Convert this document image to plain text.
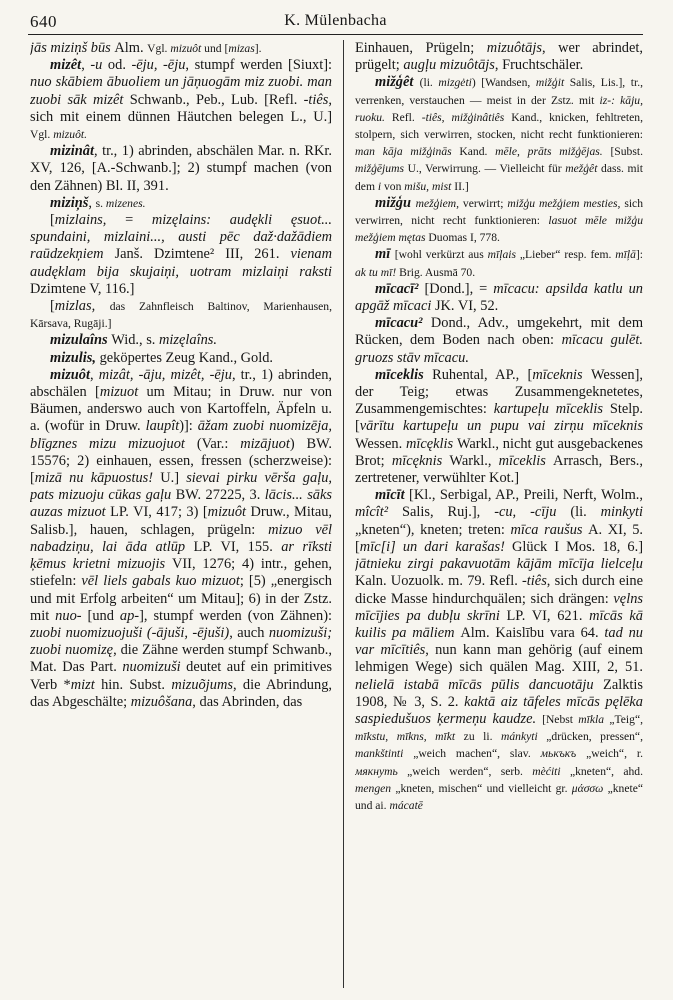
640	K. Mülenbacha

jās miziņš būs Alm. Vgl. mizuôt und [mizas].

mizêt, -u od. -ēju, -ēju, stumpf werden [Siuxt]: nuo skābiem ābuoliem un jāņuogām miz zuobi. man zuobi sāk mizêt Schwanb., Peb., Lub. [Refl. -tiês, sich mit einem dünnen Häutchen belegen L., U.] Vgl. mizuôt.

mizinât, tr., 1) abrinden, abschälen Mar. n. RKr. XV, 126, [A.-Schwanb.]; 2) stumpf machen (von den Zähnen) Bl. II, 391.

miziņš, s. mizenes.

[mizlains, = mizęlains: audękli ęsuot... spundaini, mizlaini..., austi pēc daž·dažādiem raūdzekņiem Janš. Dzimtene² III, 261. vienam audęklam bija skujaiņi, uotram mizlaiņi raksti Dzimtene V, 116.]

[mizlas, das Zahnfleisch Baltinov, Marienhausen, Kārsava, Rugāji.]

mizulaîns Wid., s. mizęlaîns.

mizulis, geköpertes Zeug Kand., Gold.

mizuôt, mizât, -āju, mizêt, -ēju, tr., 1) abrinden, abschälen [mizuot um Mitau; in Druw. nur von Bäumen, anderswo auch von Kartoffeln, Äpfeln u. a. (wofür in Druw. laupît)]: āžam zuobi nuomizēja, blīgznes mizu mizuojuot (Var.: mizājuot) BW. 15576; 2) einhauen, essen, fressen (scherzweise): [mizā nu kāpuostus! U.] sievai pirku vērša gaļu, pats mizuoju cūkas gaļu BW. 27225, 3. lācis... sāks auzas mizuot LP. VI, 417; 3) [mizuôt Druw., Mitau, Salisb.], hauen, schlagen, prügeln: mizuo vēl nabadziņu, lai āda atlūp LP. VI, 155. ar rīksti ķēmus krietni mizuojis VII, 1276; 4) intr., gehen, stiefeln: vēl liels gabals kuo mizuot; [5) „energisch und mit Erfolg arbeiten“ um Mitau]; 6) in der Zstz. mit nuo- [und ap-], stumpf werden (von Zähnen): zuobi nuomizuojuši (-ājuši, -ējuši), auch nuomizuši; zuobi nuomizę, die Zähne werden stumpf Schwanb., Mat. Das Part. nuomizuši deutet auf ein primitives Verb *mizt hin. Subst. mizuõjums, die Abrindung, das Abgeschälte; mizuôšana, das Abrinden, das

Einhauen, Prügeln; mizuôtājs, wer abrindet, prügelt; augļu mizuôtājs, Fruchtschäler.

mižģêt (li. mizgėti) [Wandsen, mižģit Salis, Lis.], tr., verrenken, verstauchen — meist in der Zstz. mit iz-: kāju, ruoku. Refl. -tiês, mižģinâtiês Kand., knicken, fehltreten, stolpern, sich verwirren, stocken, nicht recht funktionieren: man kāja mižģinās Kand. mēle, prāts mižģējas. [Subst. mižģējums U., Verwirrung. — Vielleicht für mežģêt dass. mit dem i von mišu, mist II.]

mižģu mežģiem, verwirrt; mižģu mežģiem mesties, sich verwirren, nicht recht funktionieren: lasuot mēle mižģu mežģiem mętas Duomas I, 778.

mī [wohl verkürzt aus mīļais „Lieber“ resp. fem. mīļā]: ak tu mī! Brig. Ausmā 70.

mīcacī² [Dond.], = mīcacu: apsilda katlu un apgāž mīcaci JK. VI, 52.

mīcacu² Dond., Adv., umgekehrt, mit dem Rücken, dem Boden nach oben: mīcacu gulēt. gruozs stāv mīcacu.

mīceklis Ruhental, AP., [mīceknis Wessen], der Teig; etwas Zusammengeknetetes, Zusammengemischtes: kartupeļu mīceklis Stelp. [vārītu kartupeļu un pupu vai zirņu mīceknis Wessen. mīcęklis Warkl., nicht gut ausgebackenes Brot; mīcęknis Warkl., mīceklis Arrasch, Bers., zertretener, verwühlter Kot.]

mīcīt [Kl., Serbigal, AP., Preili, Nerft, Wolm., mîcît² Salis, Ruj.], -cu, -cīju (li. minkyti „kneten“), kneten; treten: mīca raušus A. XI, 5. [mīc[i] un dari karašas! Glück I Mos. 18, 6.] jātnieku zirgi pakavuotām kājām mīcīja lielceļu Kaln. Uozuolk. m. 79. Refl. -tiês, sich durch eine dicke Masse hindurchquälen; sich drängen: vęlns mīcījies pa dubļu skrīni LP. VI, 621. mīcās kā kuilis pa māliem Alm. Kaislību vara 64. tad nu var mīcītiês, nun kann man gehörig (auf einem lehmigen Wege) sich quälen Mag. XIII, 2, 51. nelielā istabā mīcās pūlis dancuotāju Zalktis 1908, № 3, S. 2. kaktā aiz tāfeles mīcās pęlēka saspiedušuos ķermeņu kaudze. [Nebst mīkla „Teig“, mīkstu, mīkns, mīkt zu li. mánkyti „drücken, pressen“, mankštinti „weich machen“, slav. мькъкъ „weich“, r. мякнуть „weich werden“, serb. mèćiti „kneten“, ahd. mengen „kneten, mischen“ und vielleicht gr. μάσσω „knete“ und ai. mácatē
